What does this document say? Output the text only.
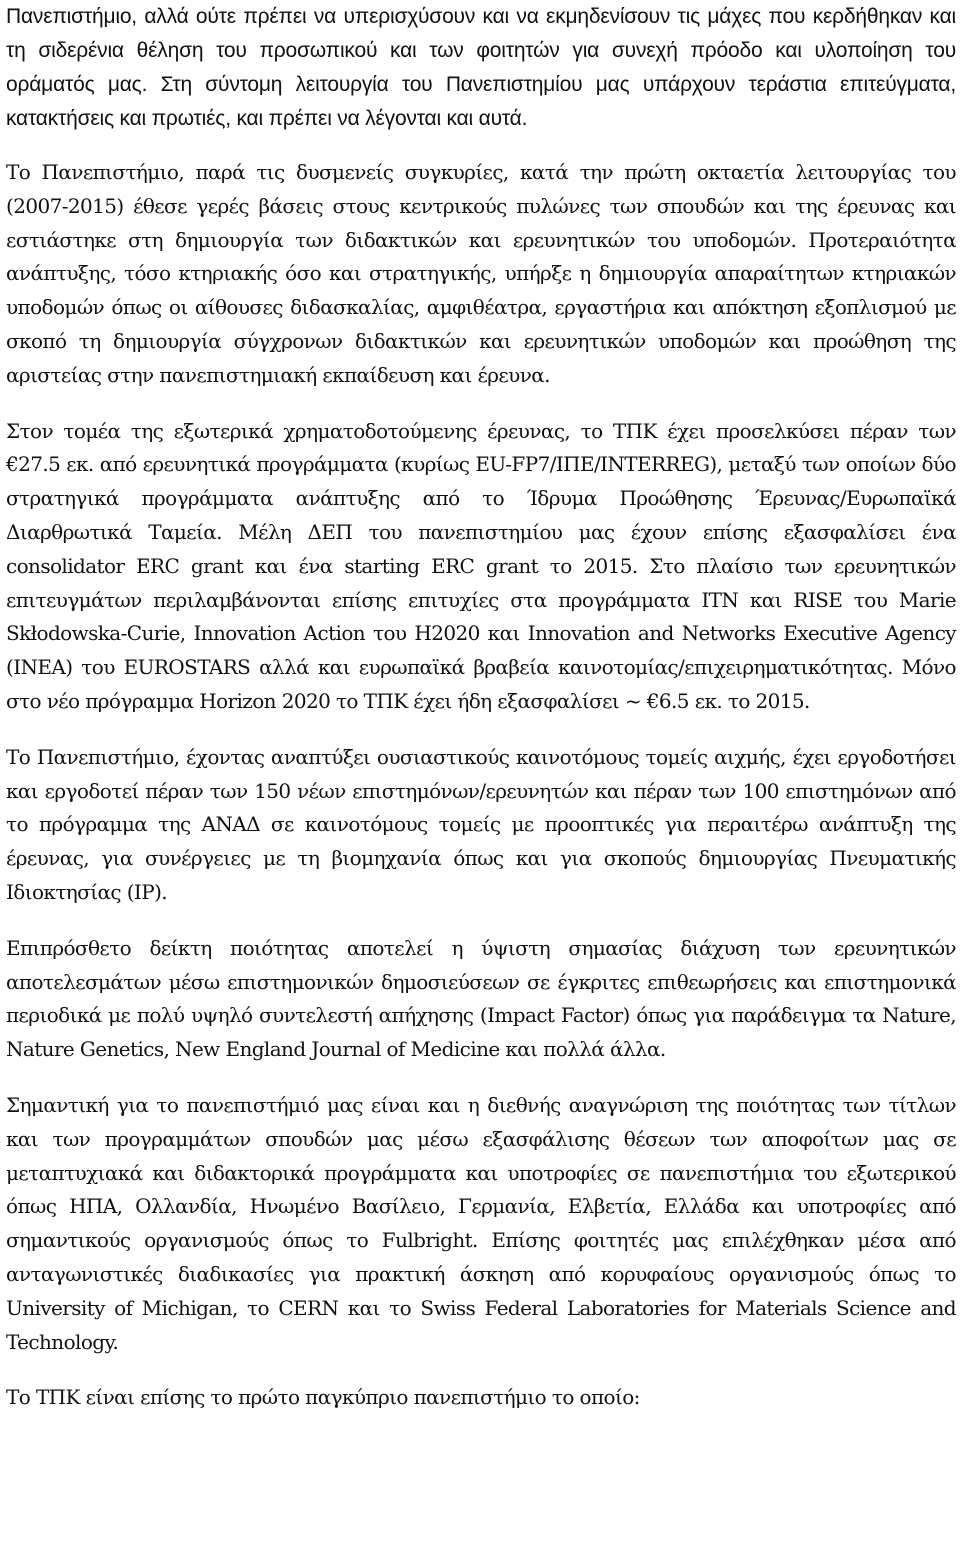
Πανεπιστήμιο, αλλά ούτε πρέπει να υπερισχύσουν και να εκμηδενίσουν τις μάχες που κερδήθηκαν και τη σιδερένια θέληση του προσωπικού και των φοιτητών για συνεχή πρόοδο και υλοποίηση του οράματός μας. Στη σύντομη λειτουργία του Πανεπιστημίου μας υπάρχουν τεράστια επιτεύγματα, κατακτήσεις και πρωτιές, και πρέπει να λέγονται και αυτά.

Το Πανεπιστήμιο, παρά τις δυσμενείς συγκυρίες, κατά την πρώτη οκταετία λειτουργίας του (2007-2015) έθεσε γερές βάσεις στους κεντρικούς πυλώνες των σπουδών και της έρευνας και εστιάστηκε στη δημιουργία των διδακτικών και ερευνητικών του υποδομών. Προτεραιότητα ανάπτυξης, τόσο κτηριακής όσο και στρατηγικής, υπήρξε η δημιουργία απαραίτητων κτηριακών υποδομών όπως οι αίθουσες διδασκαλίας, αμφιθέατρα, εργαστήρια και απόκτηση εξοπλισμού με σκοπό τη δημιουργία σύγχρονων διδακτικών και ερευνητικών υποδομών και προώθηση της αριστείας στην πανεπιστημιακή εκπαίδευση και έρευνα.

Στον τομέα της εξωτερικά χρηματοδοτούμενης έρευνας, το ΤΠΚ έχει προσελκύσει πέραν των €27.5 εκ. από ερευνητικά προγράμματα (κυρίως EU-FP7/ΙΠΕ/INTERREG), μεταξύ των οποίων δύο στρατηγικά προγράμματα ανάπτυξης από το Ίδρυμα Προώθησης Έρευνας/Ευρωπαϊκά Διαρθρωτικά Ταμεία. Μέλη ΔΕΠ του πανεπιστημίου μας έχουν επίσης εξασφαλίσει ένα consolidator ERC grant και ένα starting ERC grant το 2015. Στο πλαίσιο των ερευνητικών επιτευγμάτων περιλαμβάνονται επίσης επιτυχίες στα προγράμματα ITN και RISE του Marie Skłodowska-Curie, Innovation Action του H2020 και Innovation and Networks Executive Agency (INEA) του EUROSTARS αλλά και ευρωπαϊκά βραβεία καινοτομίας/επιχειρηματικότητας. Μόνο στο νέο πρόγραμμα Horizon 2020 το ΤΠΚ έχει ήδη εξασφαλίσει ~ €6.5 εκ. το 2015.

Το Πανεπιστήμιο, έχοντας αναπτύξει ουσιαστικούς καινοτόμους τομείς αιχμής, έχει εργοδοτήσει και εργοδοτεί πέραν των 150 νέων επιστημόνων/ερευνητών και πέραν των 100 επιστημόνων από το πρόγραμμα της ΑΝΑΔ σε καινοτόμους τομείς με προοπτικές για περαιτέρω ανάπτυξη της έρευνας, για συνέργειες με τη βιομηχανία όπως και για σκοπούς δημιουργίας Πνευματικής Ιδιοκτησίας (IP).

Επιπρόσθετο δείκτη ποιότητας αποτελεί η ύψιστη σημασίας διάχυση των ερευνητικών αποτελεσμάτων μέσω επιστημονικών δημοσιεύσεων σε έγκριτες επιθεωρήσεις και επιστημονικά περιοδικά με πολύ υψηλό συντελεστή απήχησης (Impact Factor) όπως για παράδειγμα τα Nature, Nature Genetics, New England Journal of Medicine και πολλά άλλα.

Σημαντική για το πανεπιστήμιό μας είναι και η διεθνής αναγνώριση της ποιότητας των τίτλων και των προγραμμάτων σπουδών μας μέσω εξασφάλισης θέσεων των αποφοίτων μας σε μεταπτυχιακά και διδακτορικά προγράμματα και υποτροφίες σε πανεπιστήμια του εξωτερικού όπως ΗΠΑ, Ολλανδία, Ηνωμένο Βασίλειο, Γερμανία, Ελβετία, Ελλάδα και υποτροφίες από σημαντικούς οργανισμούς όπως το Fulbright. Επίσης φοιτητές μας επιλέχθηκαν μέσα από ανταγωνιστικές διαδικασίες για πρακτική άσκηση από κορυφαίους οργανισμούς όπως το University of Michigan, το CERN και το Swiss Federal Laboratories for Materials Science and Technology.

Το ΤΠΚ είναι επίσης το πρώτο παγκύπριο πανεπιστήμιο το οποίο:
